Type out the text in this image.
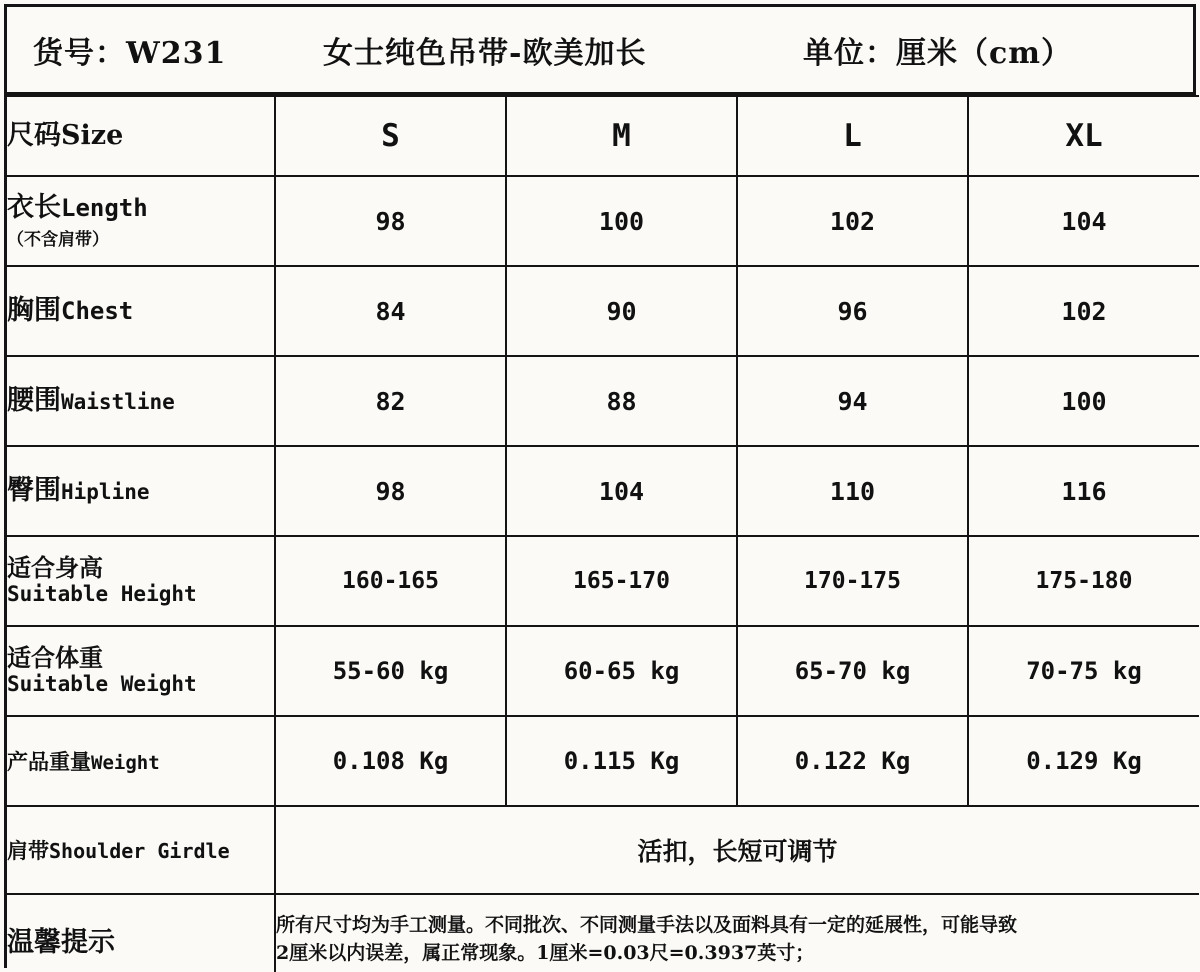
货号：W231	女士纯色吊带-欧美加长	单位：厘米（cm）
尺码Size	S	M	L	XL

衣长Length
（不含肩带）	98	100	102	104

胸围Chest	84	90	96	102

腰围Waistline	82	88	94	100

臀围Hipline	98	104	110	116

适合身高
Suitable Height	160-165	165-170	170-175	175-180

适合体重
Suitable Weight	55-60 kg	60-65 kg	65-70 kg	70-75 kg

产品重量Weight	0.108 Kg	0.115 Kg	0.122 Kg	0.129 Kg

肩带Shoulder Girdle	活扣，长短可调节			

温馨提示	所有尺寸均为手工测量。不同批次、不同测量手法以及面料具有一定的延展性，可能导致
2厘米以内误差，属正常现象。1厘米=0.03尺=0.3937英寸；			
